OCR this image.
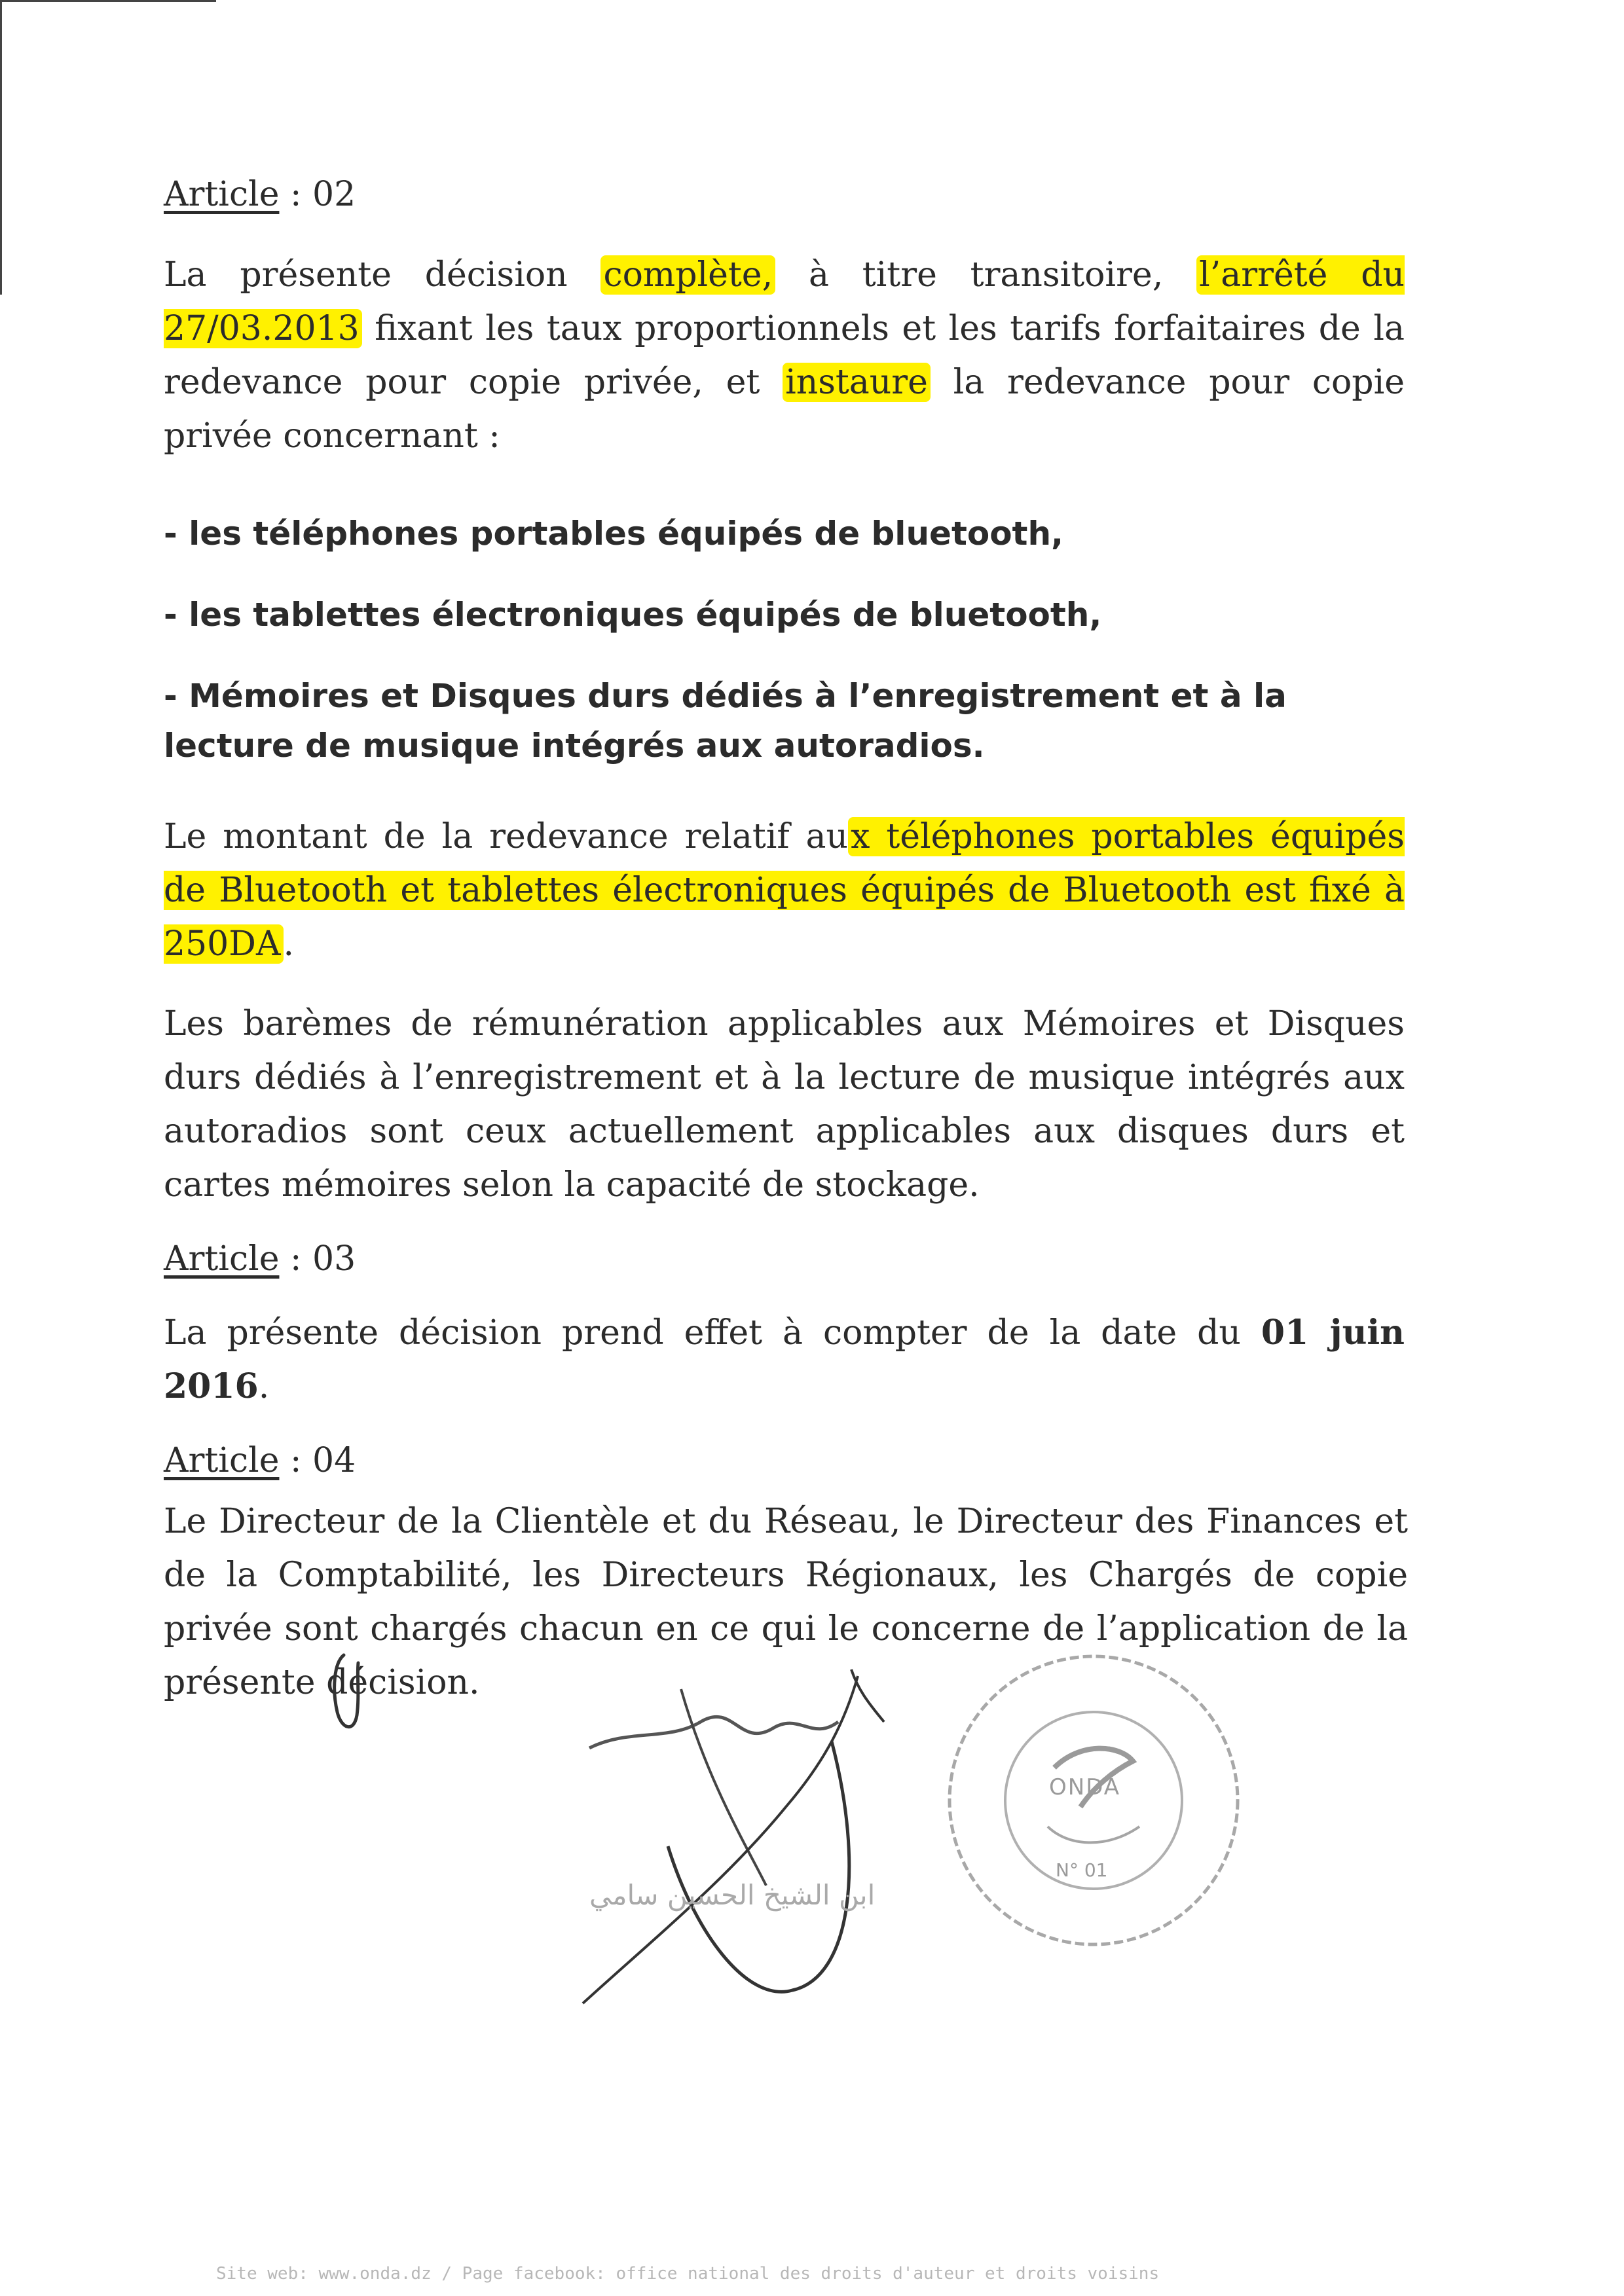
Article : 02

La présente décision complète, à titre transitoire, l’arrêté du 27/03.2013 fixant les taux proportionnels et les tarifs forfaitaires de la redevance pour copie privée, et instaure la redevance pour copie privée concernant :

- les téléphones portables équipés de bluetooth,

- les tablettes électroniques équipés de bluetooth,

- Mémoires et Disques durs dédiés à l’enregistrement et à la lecture de musique intégrés aux autoradios.

Le montant de la redevance relatif aux téléphones portables équipés de Bluetooth et tablettes électroniques équipés de Bluetooth est fixé à 250DA.

Les barèmes de rémunération applicables aux Mémoires et Disques durs dédiés à l’enregistrement et à la lecture de musique intégrés aux autoradios sont ceux actuellement applicables aux disques durs et cartes mémoires selon la capacité de stockage.

Article : 03

La présente décision prend effet à compter de la date du 01 juin 2016.

Article : 04

Le Directeur de la Clientèle et du Réseau, le Directeur des Finances et de la Comptabilité, les Directeurs Régionaux, les Chargés de copie privée sont chargés chacun en ce qui le concerne de l’application de la présente décision.

ابن الشيخ الحسين سامي
ONDA
N° 01
Site web: www.onda.dz / Page facebook: office national des droits d'auteur et droits voisins
